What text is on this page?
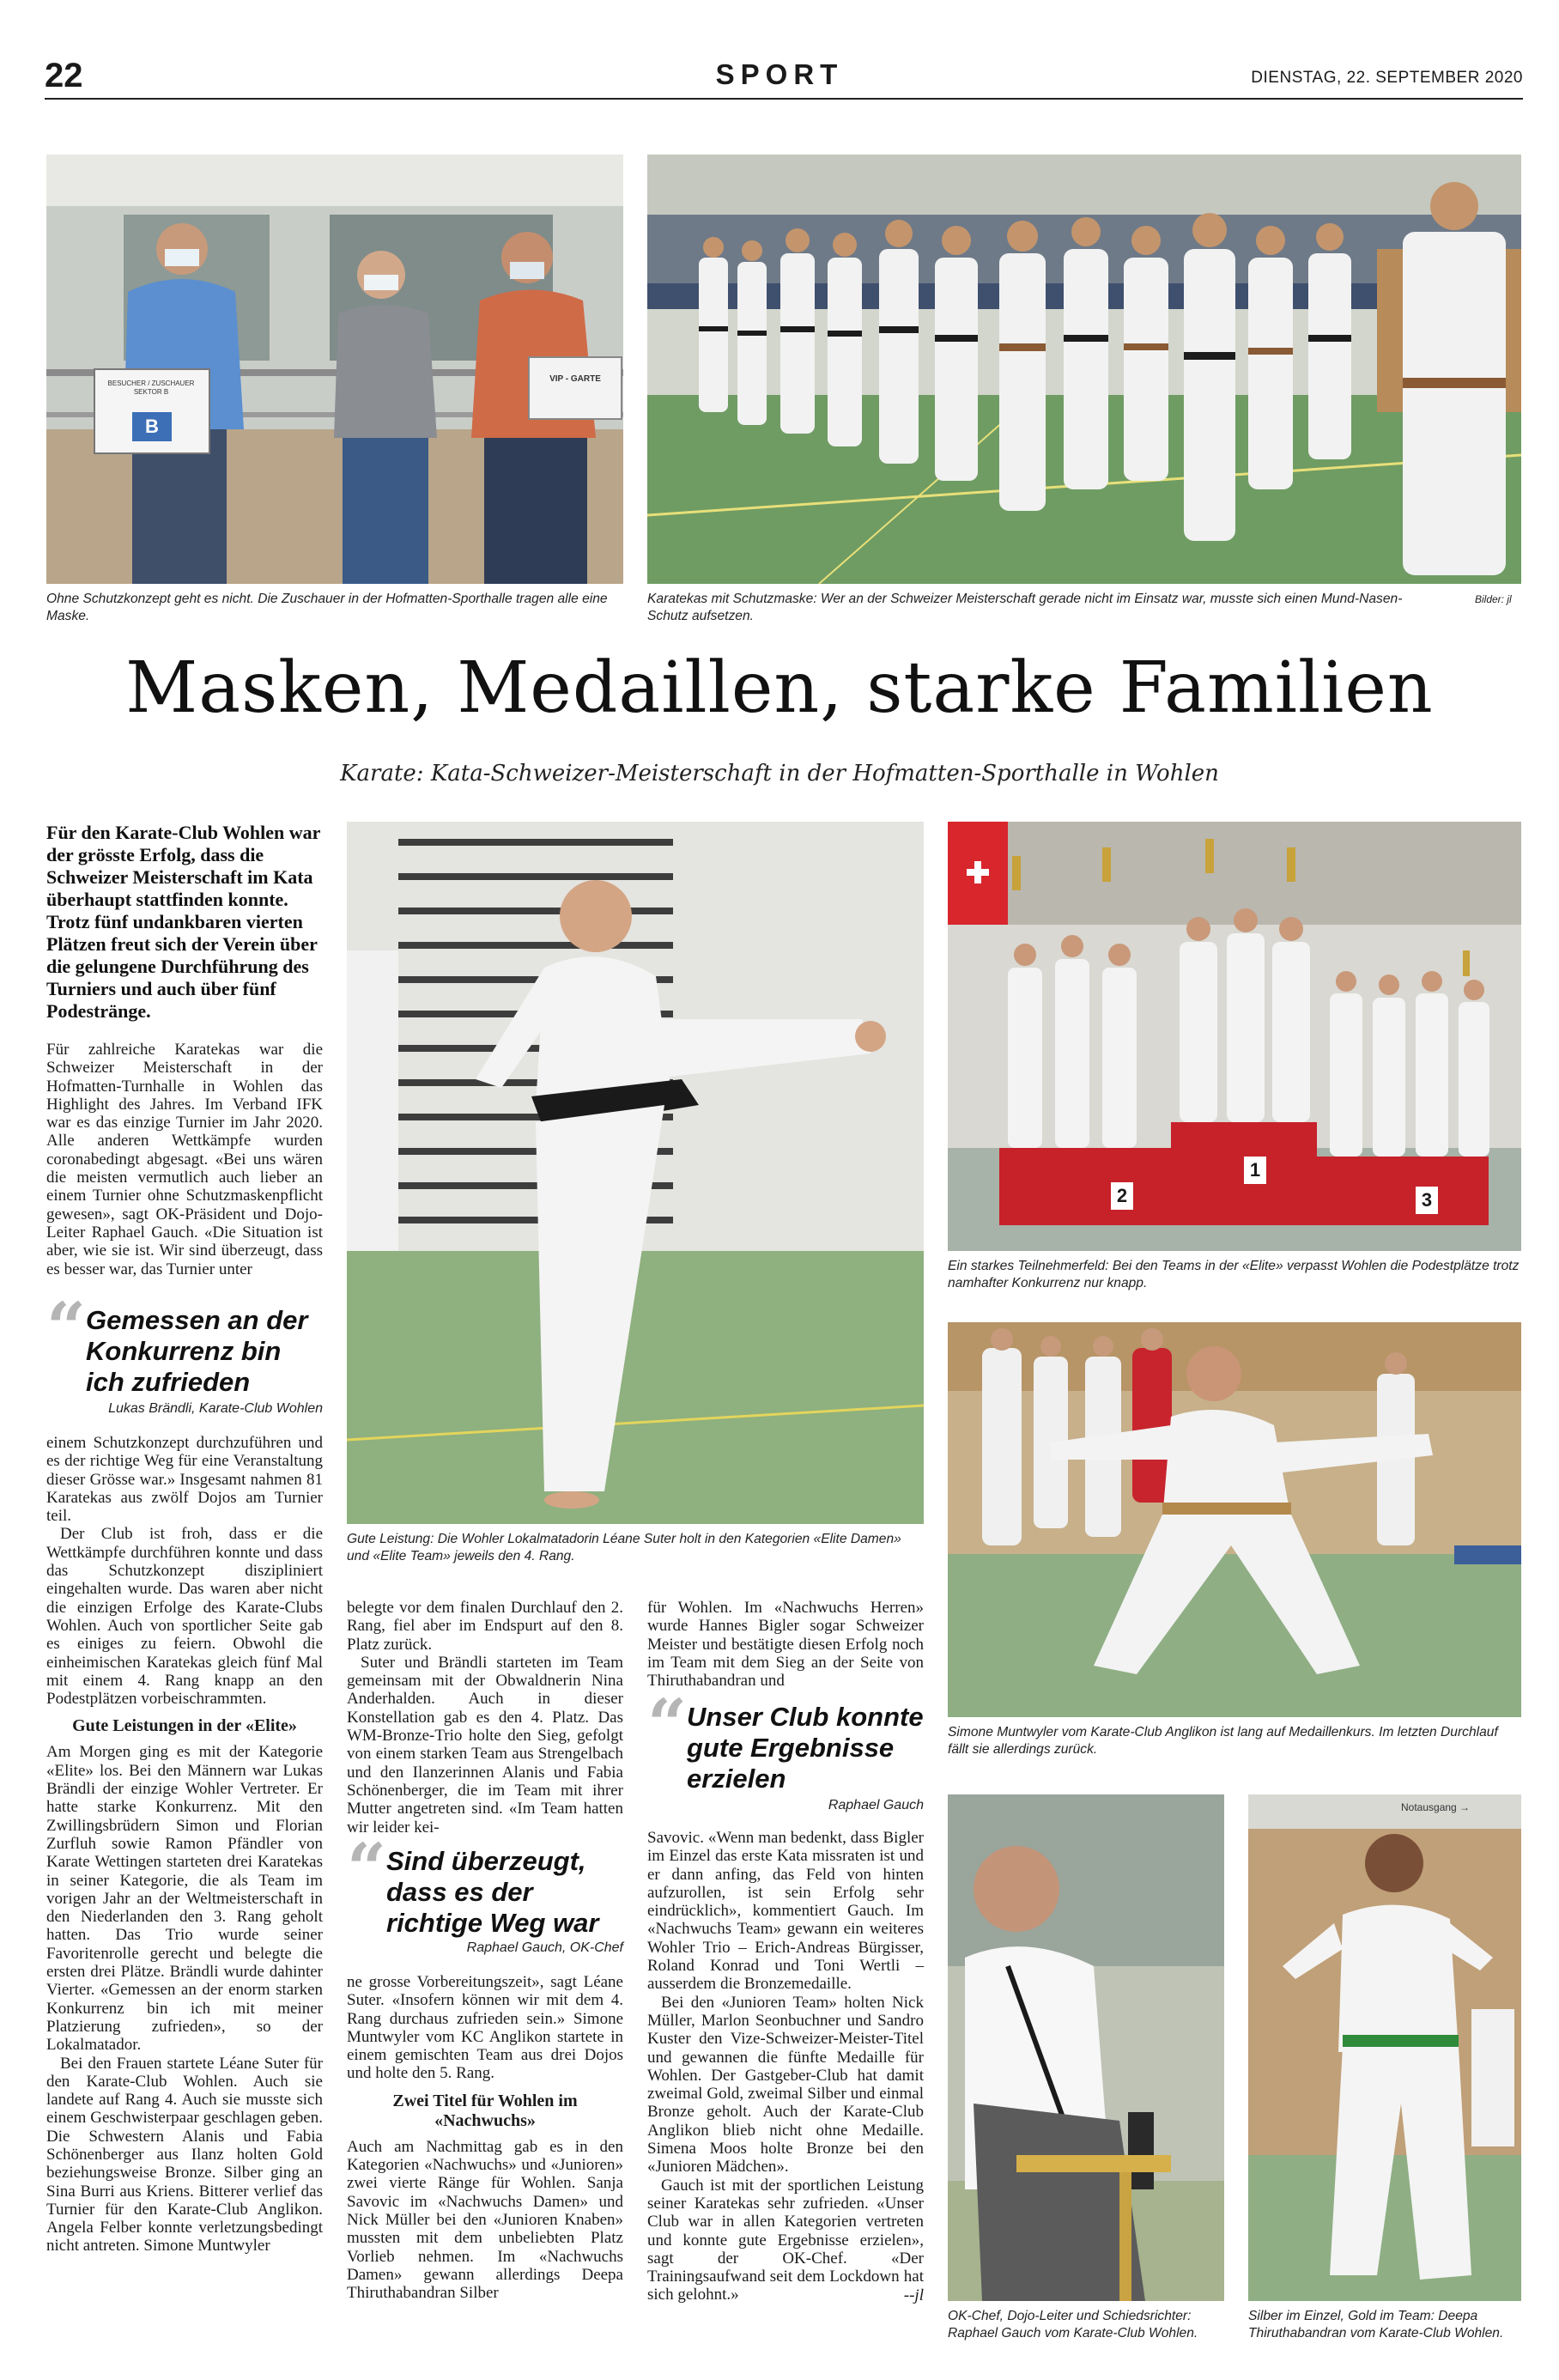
22	SPORT	DIENSTAG, 22. SEPTEMBER 2020
BESUCHER / ZUSCHAUER SEKTOR B
B
VIP - GARTE
Ohne Schutzkonzept geht es nicht. Die Zuschauer in der Hofmatten-Sporthalle tragen alle eine Maske.
Karatekas mit Schutzmaske: Wer an der Schweizer Meisterschaft gerade nicht im Einsatz war, musste sich einen Mund-Nasen-Schutz aufsetzen.
Bilder: jl
Masken, Medaillen, starke Familien
Karate: Kata-Schweizer-Meisterschaft in der Hofmatten-Sporthalle in Wohlen
Für den Karate-Club Wohlen war der grösste Erfolg, dass die Schweizer Meisterschaft im Kata überhaupt stattfinden konnte. Trotz fünf undankbaren vierten Plätzen freut sich der Verein über die gelungene Durchführung des Turniers und auch über fünf Podestränge.

Für zahlreiche Karatekas war die Schweizer Meisterschaft in der Hofmatten-Turnhalle in Wohlen das Highlight des Jahres. Im Verband IFK war es das einzige Turnier im Jahr 2020. Alle anderen Wettkämpfe wurden coronabedingt abgesagt. «Bei uns wären die meisten vermutlich auch lieber an einem Turnier ohne Schutzmaskenpflicht gewesen», sagt OK-Präsident und Dojo-Leiter Raphael Gauch. «Die Situation ist aber, wie sie ist. Wir sind überzeugt, dass es besser war, das Turnier unter

“ Gemessen an der Konkurrenz bin ich zufrieden
Lukas Brändli, Karate-Club Wohlen

einem Schutzkonzept durchzuführen und es der richtige Weg für eine Veranstaltung dieser Grösse war.» Insgesamt nahmen 81 Karatekas aus zwölf Dojos am Turnier teil.

Der Club ist froh, dass er die Wettkämpfe durchführen konnte und dass das Schutzkonzept diszipliniert eingehalten wurde. Das waren aber nicht die einzigen Erfolge des Karate-Clubs Wohlen. Auch von sportlicher Seite gab es einiges zu feiern. Obwohl die einheimischen Karatekas gleich fünf Mal mit einem 4. Rang knapp an den Podestplätzen vorbeischrammten.

Gute Leistungen in der «Elite»

Am Morgen ging es mit der Kategorie «Elite» los. Bei den Männern war Lukas Brändli der einzige Wohler Vertreter. Er hatte starke Konkurrenz. Mit den Zwillingsbrüdern Simon und Florian Zurfluh sowie Ramon Pfändler von Karate Wettingen starteten drei Karatekas in seiner Kategorie, die als Team im vorigen Jahr an der Weltmeisterschaft in den Niederlanden den 3. Rang geholt hatten. Das Trio wurde seiner Favoritenrolle gerecht und belegte die ersten drei Plätze. Brändli wurde dahinter Vierter. «Gemessen an der enorm starken Konkurrenz bin ich mit meiner Platzierung zufrieden», so der Lokalmatador.

Bei den Frauen startete Léane Suter für den Karate-Club Wohlen. Auch sie landete auf Rang 4. Auch sie musste sich einem Geschwisterpaar geschlagen geben. Die Schwestern Alanis und Fabia Schönenberger aus Ilanz holten Gold beziehungsweise Bronze. Silber ging an Sina Burri aus Kriens. Bitterer verlief das Turnier für den Karate-Club Anglikon. Angela Felber konnte verletzungsbedingt nicht antreten. Simone Muntwyler

Gute Leistung: Die Wohler Lokalmatadorin Léane Suter holt in den Kategorien «Elite Damen» und «Elite Team» jeweils den 4. Rang.

belegte vor dem finalen Durchlauf den 2. Rang, fiel aber im Endspurt auf den 8. Platz zurück.

Suter und Brändli starteten im Team gemeinsam mit der Obwaldnerin Nina Anderhalden. Auch in dieser Konstellation gab es den 4. Platz. Das WM-Bronze-Trio holte den Sieg, gefolgt von einem starken Team aus Strengelbach und den Ilanzerinnen Alanis und Fabia Schönenberger, die im Team mit ihrer Mutter angetreten sind. «Im Team hatten wir leider kei-

“ Sind überzeugt, dass es der richtige Weg war
Raphael Gauch, OK-Chef

ne grosse Vorbereitungszeit», sagt Léane Suter. «Insofern können wir mit dem 4. Rang durchaus zufrieden sein.» Simone Muntwyler vom KC Anglikon startete in einem gemischten Team aus drei Dojos und holte den 5. Rang.

Zwei Titel für Wohlen im «Nachwuchs»

Auch am Nachmittag gab es in den Kategorien «Nachwuchs» und «Junioren» zwei vierte Ränge für Wohlen. Sanja Savovic im «Nachwuchs Damen» und Nick Müller bei den «Junioren Knaben» mussten mit dem unbeliebten Platz Vorlieb nehmen. Im «Nachwuchs Damen» gewann allerdings Deepa Thiruthabandran Silber

für Wohlen. Im «Nachwuchs Herren» wurde Hannes Bigler sogar Schweizer Meister und bestätigte diesen Erfolg noch im Team mit dem Sieg an der Seite von Thiruthabandran und

“ Unser Club konnte gute Ergebnisse erzielen
Raphael Gauch

Savovic. «Wenn man bedenkt, dass Bigler im Einzel das erste Kata missraten ist und er dann anfing, das Feld von hinten aufzurollen, ist sein Erfolg sehr eindrücklich», kommentiert Gauch. Im «Nachwuchs Team» gewann ein weiteres Wohler Trio – Erich-Andreas Bürgisser, Roland Konrad und Toni Wertli – ausserdem die Bronzemedaille.

Bei den «Junioren Team» holten Nick Müller, Marlon Seonbuchner und Sandro Kuster den Vize-Schweizer-Meister-Titel und gewannen die fünfte Medaille für Wohlen. Der Gastgeber-Club hat damit zweimal Gold, zweimal Silber und einmal Bronze geholt. Auch der Karate-Club Anglikon blieb nicht ohne Medaille. Simena Moos holte Bronze bei den «Junioren Mädchen».

Gauch ist mit der sportlichen Leistung seiner Karatekas sehr zufrieden. «Unser Club war in allen Kategorien vertreten und konnte gute Ergebnisse erzielen», sagt der OK-Chef. «Der Trainingsaufwand seit dem Lockdown hat sich gelohnt.»	--jl
1
2	3
Ein starkes Teilnehmerfeld: Bei den Teams in der «Elite» verpasst Wohlen die Podestplätze trotz namhafter Konkurrenz nur knapp.
Simone Muntwyler vom Karate-Club Anglikon ist lang auf Medaillenkurs. Im letzten Durchlauf fällt sie allerdings zurück.
OK-Chef, Dojo-Leiter und Schiedsrichter: Raphael Gauch vom Karate-Club Wohlen.
Notausgang →
Silber im Einzel, Gold im Team: Deepa Thiruthabandran vom Karate-Club Wohlen.
